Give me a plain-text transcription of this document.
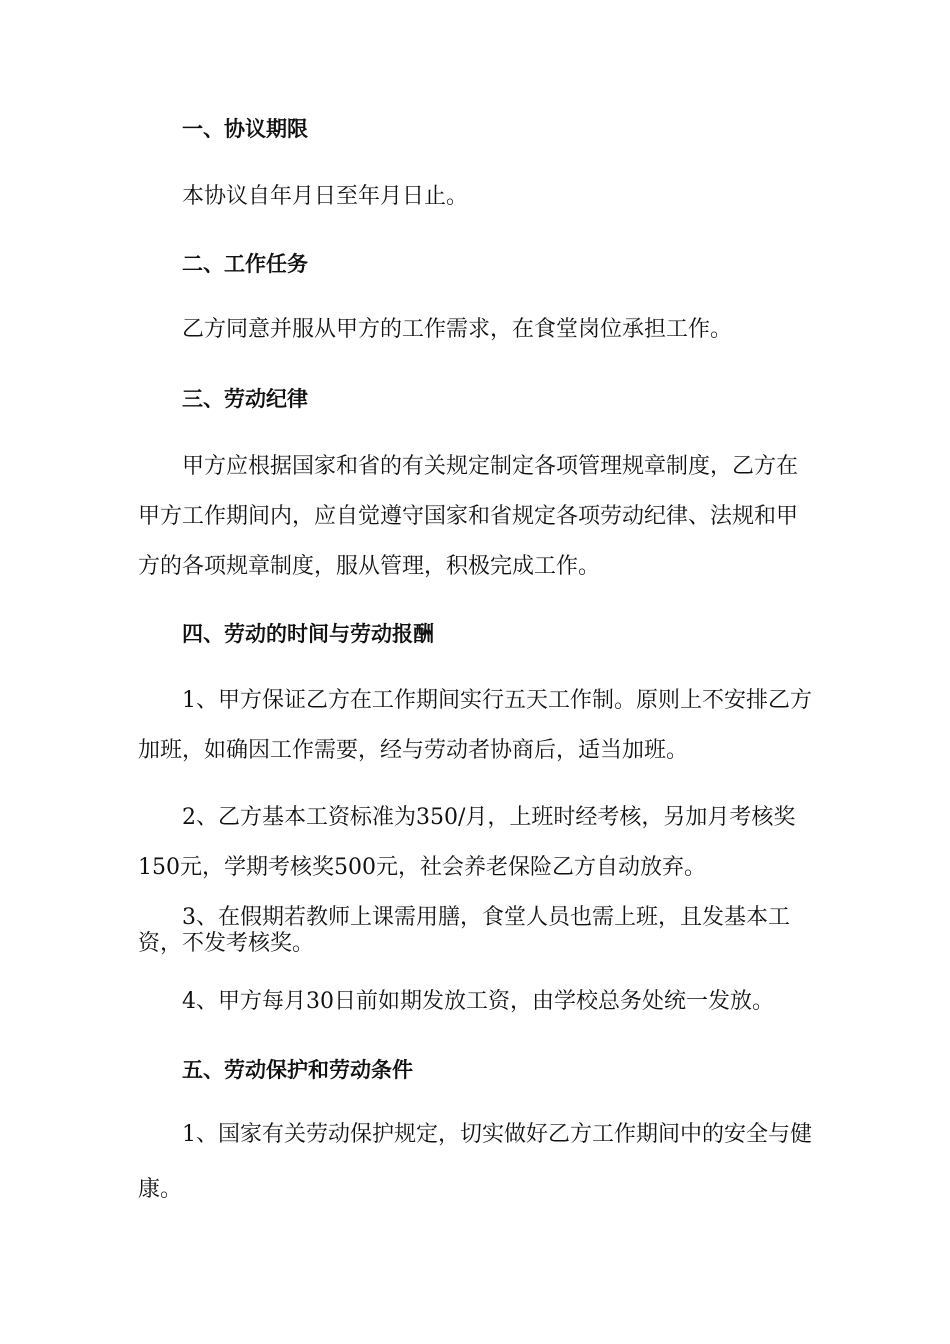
一、协议期限
本协议自年月日至年月日止。
二、工作任务
乙方同意并服从甲方的工作需求，在食堂岗位承担工作。
三、劳动纪律
甲方应根据国家和省的有关规定制定各项管理规章制度，乙方在
甲方工作期间内，应自觉遵守国家和省规定各项劳动纪律、法规和甲
方的各项规章制度，服从管理，积极完成工作。
四、劳动的时间与劳动报酬
1、甲方保证乙方在工作期间实行五天工作制。原则上不安排乙方
加班，如确因工作需要，经与劳动者协商后，适当加班。
2、乙方基本工资标准为350/月，上班时经考核，另加月考核奖
150元，学期考核奖500元，社会养老保险乙方自动放弃。
3、在假期若教师上课需用膳，食堂人员也需上班，且发基本工
资，不发考核奖。
4、甲方每月30日前如期发放工资，由学校总务处统一发放。
五、劳动保护和劳动条件
1、国家有关劳动保护规定，切实做好乙方工作期间中的安全与健
康。
